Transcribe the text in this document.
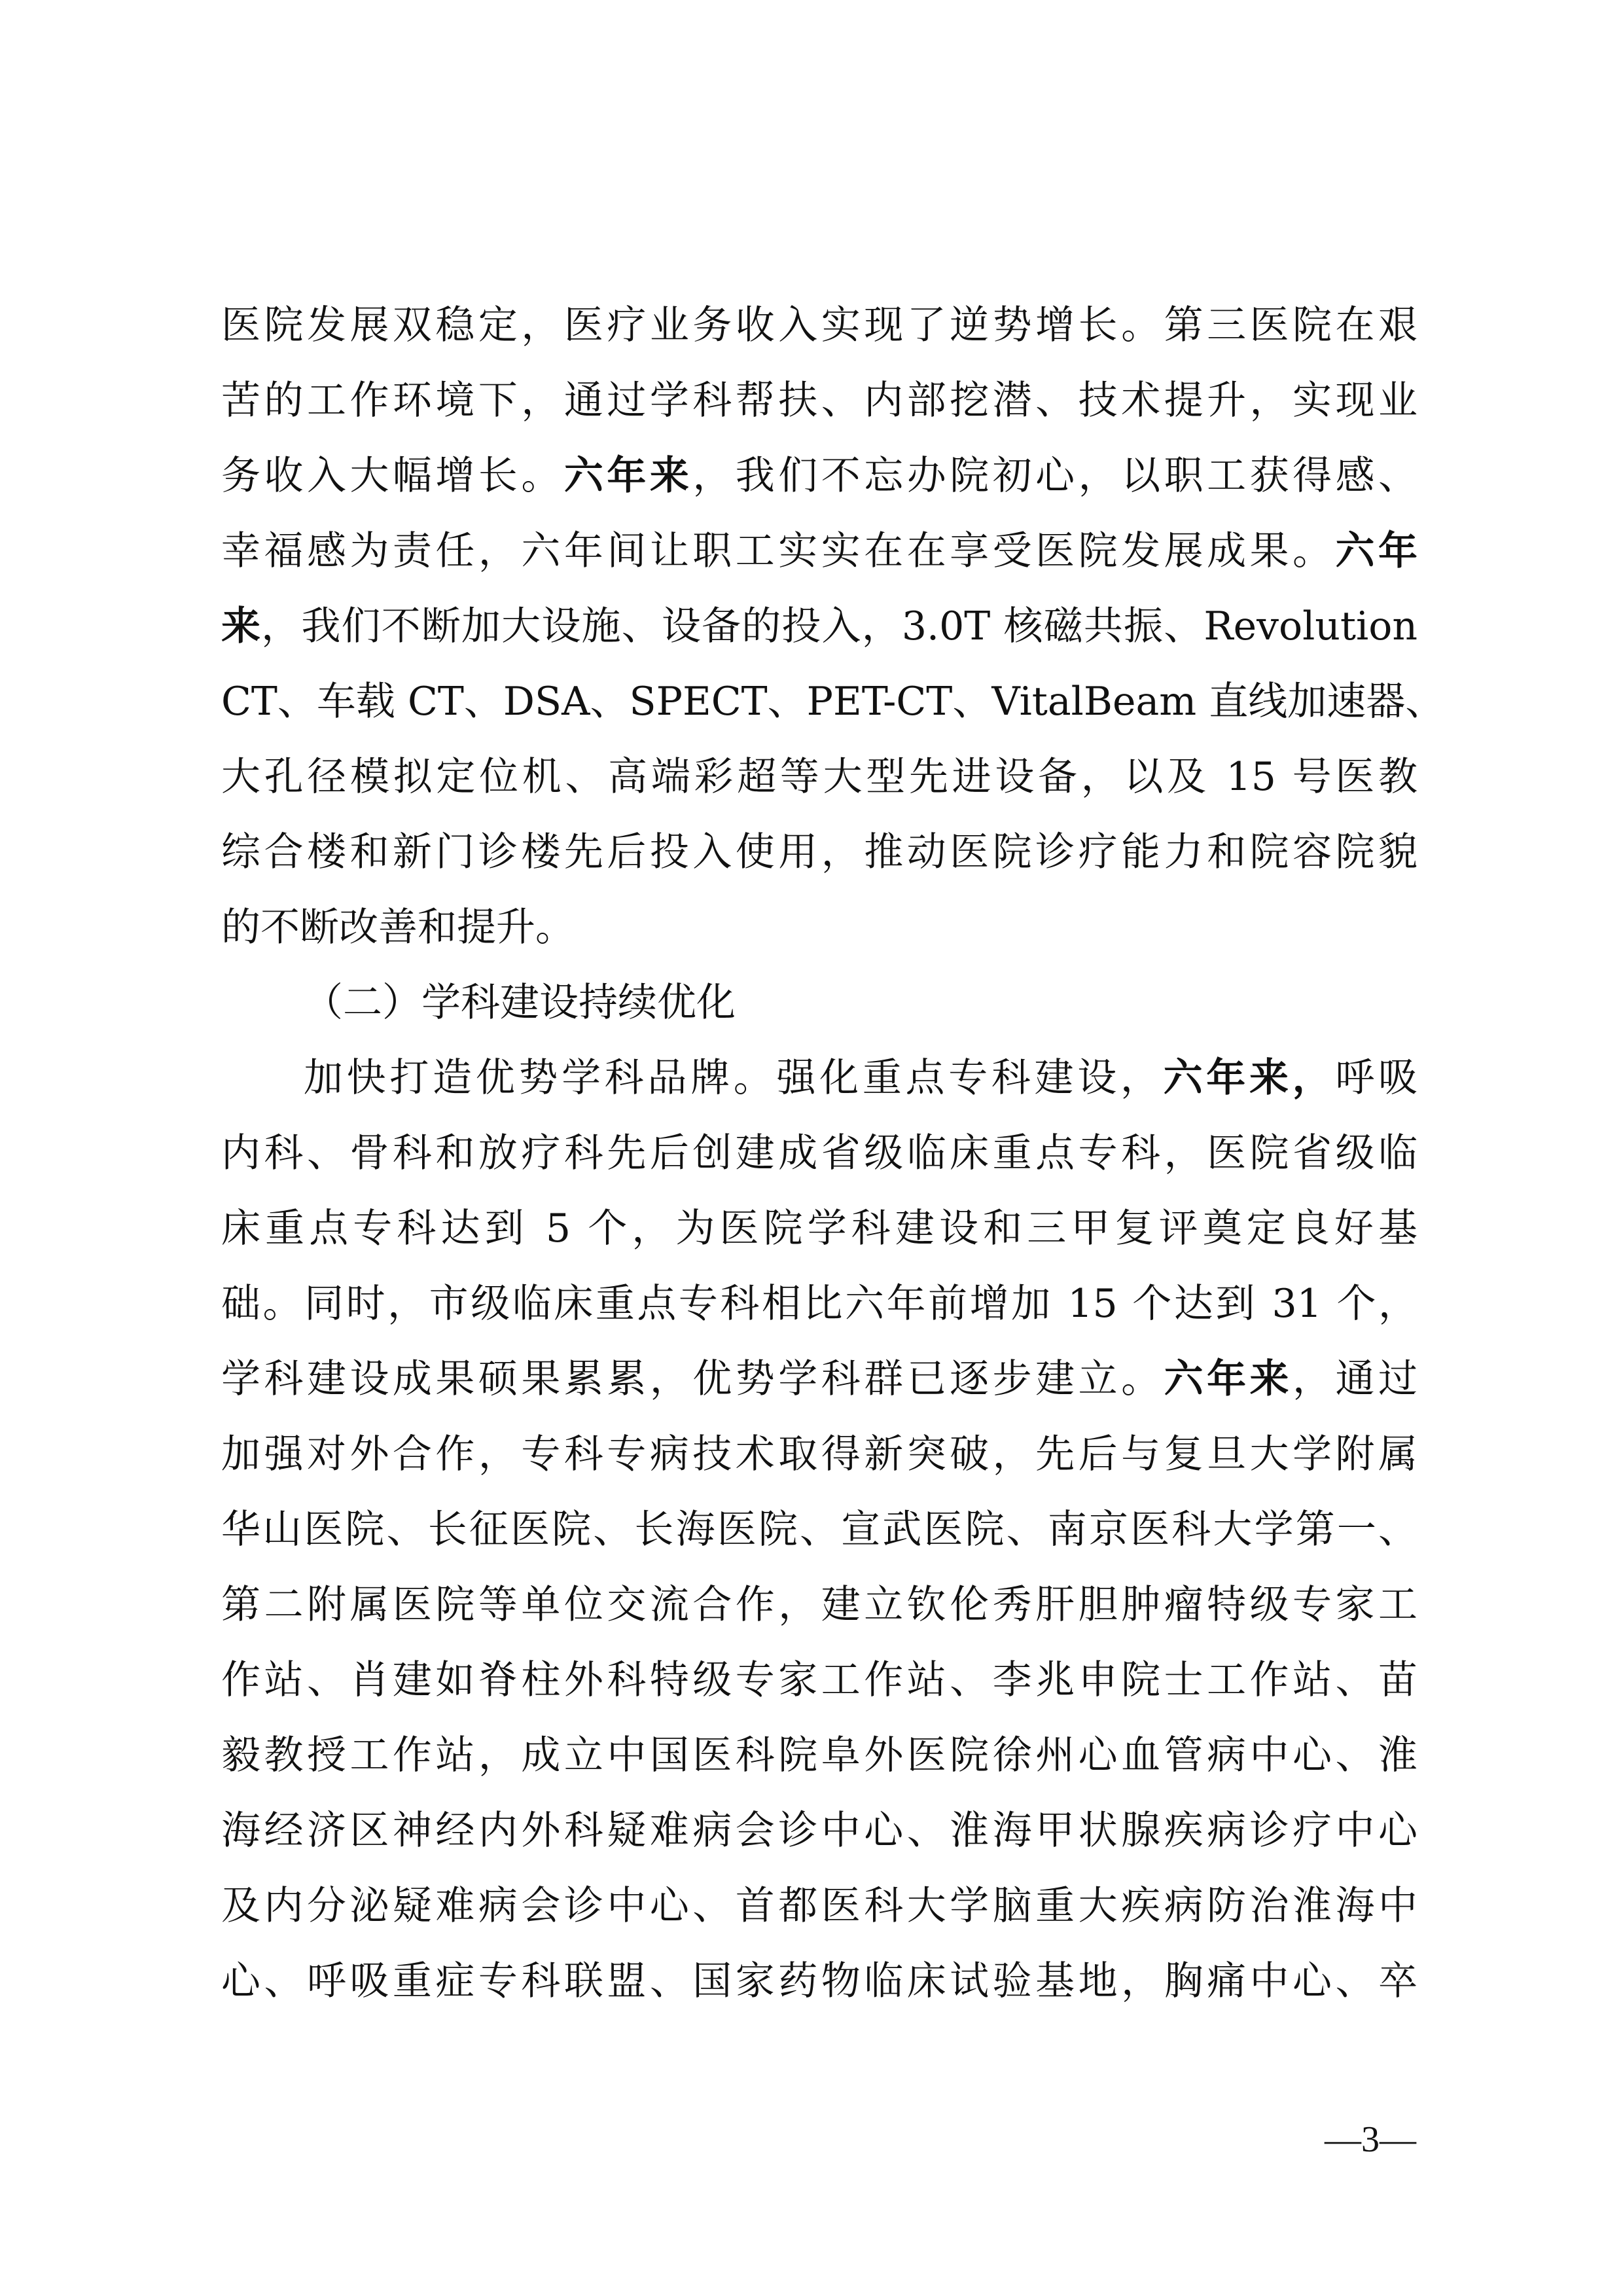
医院发展双稳定，医疗业务收入实现了逆势增长。第三医院在艰
苦的工作环境下，通过学科帮扶、内部挖潜、技术提升，实现业
务收入大幅增长。六年来，我们不忘办院初心，以职工获得感、
幸福感为责任，六年间让职工实实在在享受医院发展成果。六年
来，我们不断加大设施、设备的投入，3.0T 核磁共振、Revolution
CT、车载 CT、DSA、SPECT、PET-CT、VitalBeam 直线加速器、
大孔径模拟定位机、高端彩超等大型先进设备，以及 15 号医教
综合楼和新门诊楼先后投入使用，推动医院诊疗能力和院容院貌
的不断改善和提升。
（二）学科建设持续优化
加快打造优势学科品牌。强化重点专科建设，六年来，呼吸
内科、骨科和放疗科先后创建成省级临床重点专科，医院省级临
床重点专科达到 5 个，为医院学科建设和三甲复评奠定良好基
础。同时，市级临床重点专科相比六年前增加 15 个达到 31 个，
学科建设成果硕果累累，优势学科群已逐步建立。六年来，通过
加强对外合作，专科专病技术取得新突破，先后与复旦大学附属
华山医院、长征医院、长海医院、宣武医院、南京医科大学第一、
第二附属医院等单位交流合作，建立钦伦秀肝胆肿瘤特级专家工
作站、肖建如脊柱外科特级专家工作站、李兆申院士工作站、苗
毅教授工作站，成立中国医科院阜外医院徐州心血管病中心、淮
海经济区神经内外科疑难病会诊中心、淮海甲状腺疾病诊疗中心
及内分泌疑难病会诊中心、首都医科大学脑重大疾病防治淮海中
心、呼吸重症专科联盟、国家药物临床试验基地，胸痛中心、卒
—3—
